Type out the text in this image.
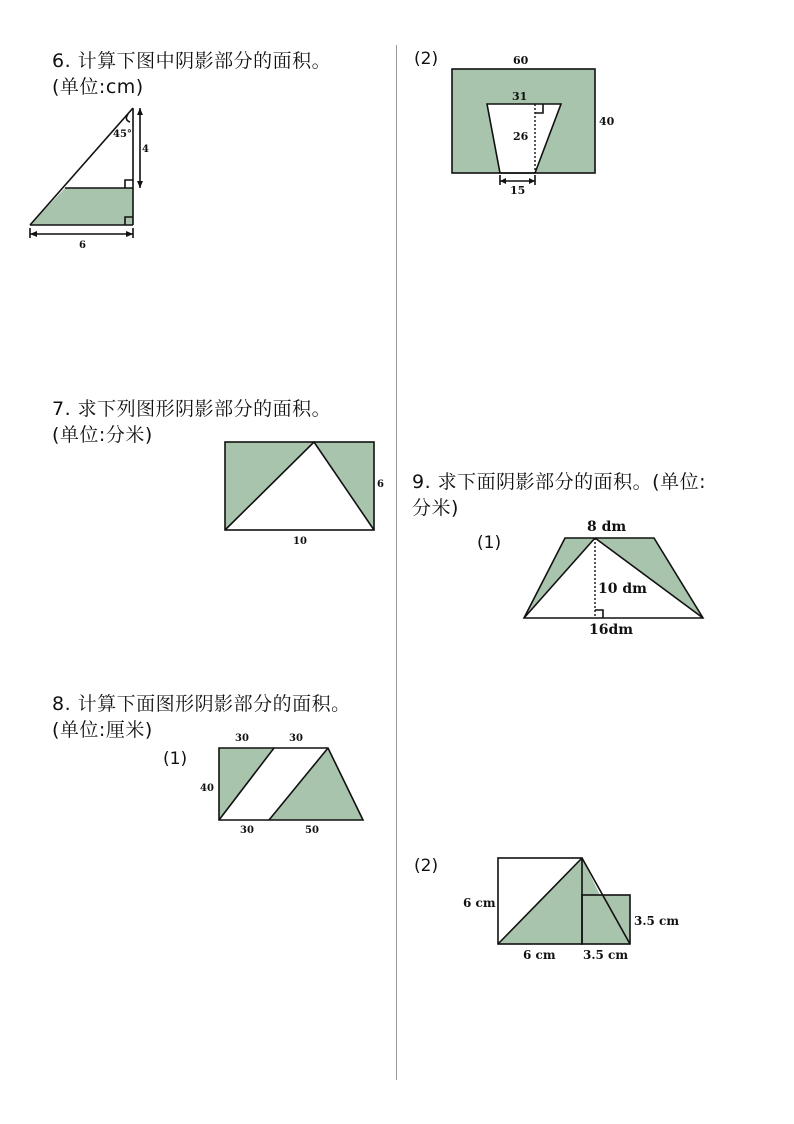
6. 计算下图中阴影部分的面积。
(单位:cm)
45°
4
6
(2)	60
40
31
26
15
7. 求下列图形阴影部分的面积。
(单位:分米)
6
10
8. 计算下面图形阴影部分的面积。
(单位:厘米)
(1)
30	30
40
30	50
9. 求下面阴影部分的面积。(单位:
分米)
(1)
8 dm
10 dm
16dm
(2)
6 cm
3.5 cm
6 cm 3.5 cm
